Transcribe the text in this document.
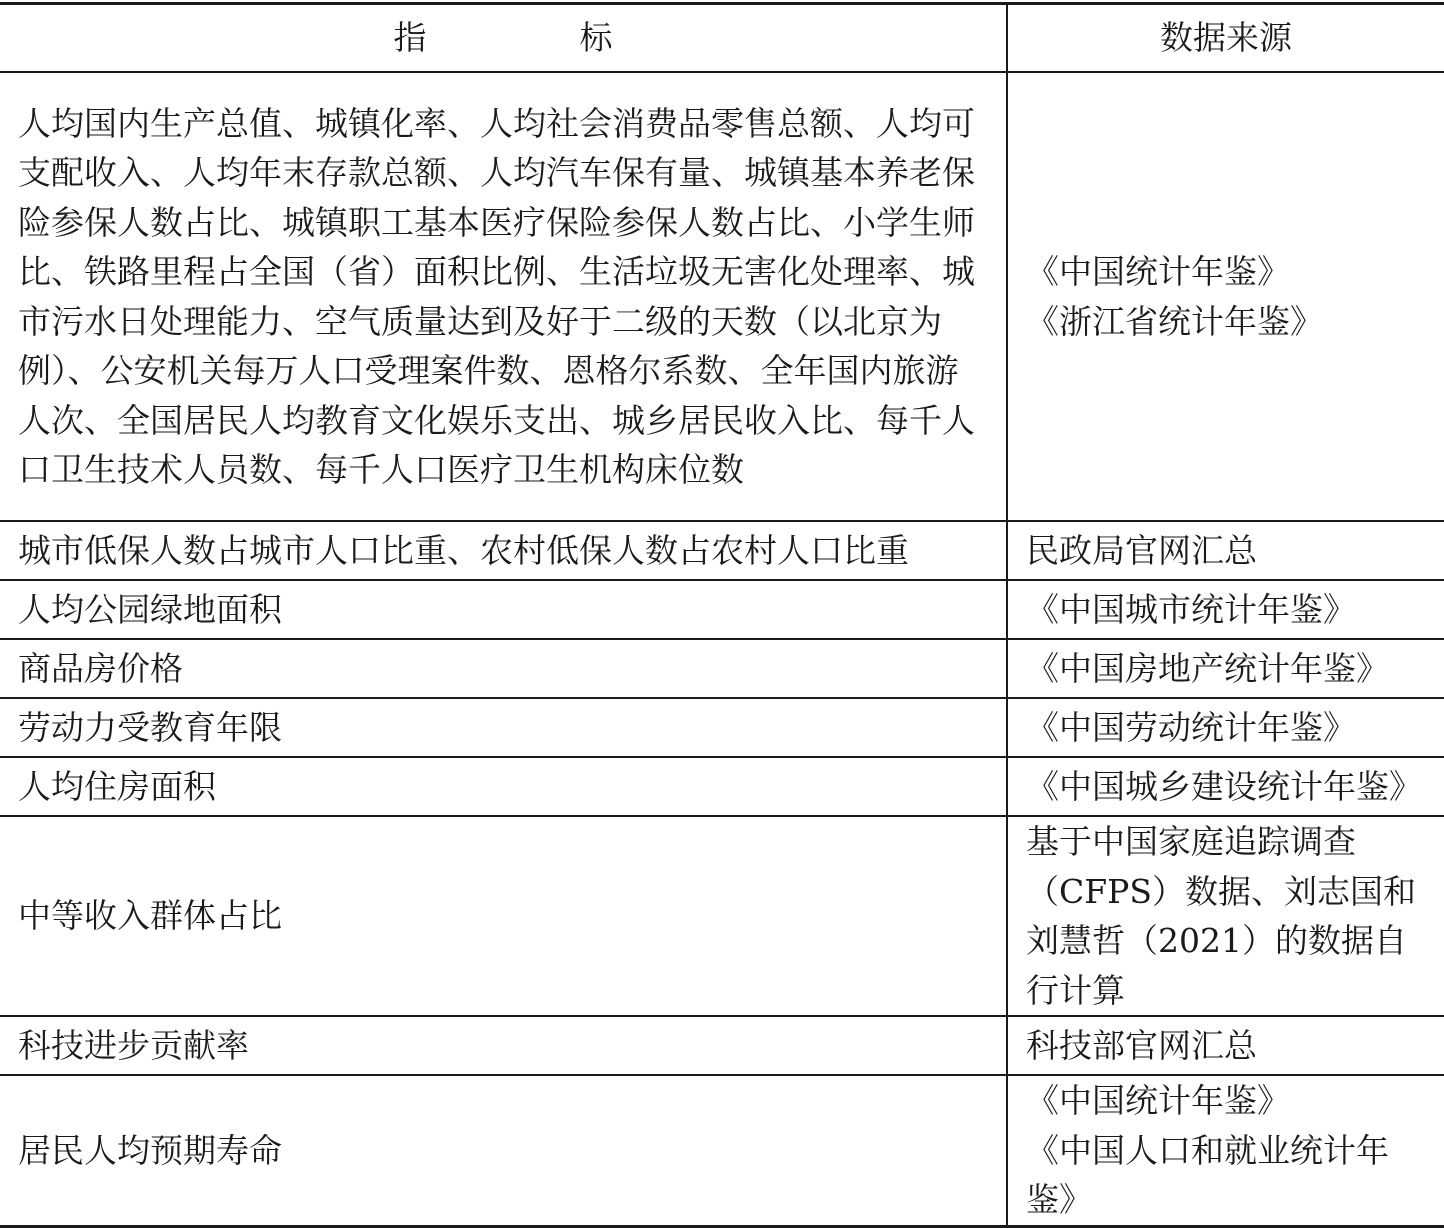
指　标	数据来源
人均国内生产总值、城镇化率、人均社会消费品零售总额、人均可支配收入、人均年末存款总额、人均汽车保有量、城镇基本养老保险参保人数占比、城镇职工基本医疗保险参保人数占比、小学生师比、铁路里程占全国（省）面积比例、生活垃圾无害化处理率、城市污水日处理能力、空气质量达到及好于二级的天数（以北京为例）、公安机关每万人口受理案件数、恩格尔系数、全年国内旅游人次、全国居民人均教育文化娱乐支出、城乡居民收入比、每千人口卫生技术人员数、每千人口医疗卫生机构床位数	《中国统计年鉴》
《浙江省统计年鉴》

城市低保人数占城市人口比重、农村低保人数占农村人口比重	民政局官网汇总

人均公园绿地面积	《中国城市统计年鉴》

商品房价格	《中国房地产统计年鉴》

劳动力受教育年限	《中国劳动统计年鉴》

人均住房面积	《中国城乡建设统计年鉴》

中等收入群体占比	基于中国家庭追踪调查（CFPS）数据、刘志国和刘慧哲（2021）的数据自行计算
科技进步贡献率	科技部官网汇总

居民人均预期寿命	《中国统计年鉴》
《中国人口和就业统计年鉴》
